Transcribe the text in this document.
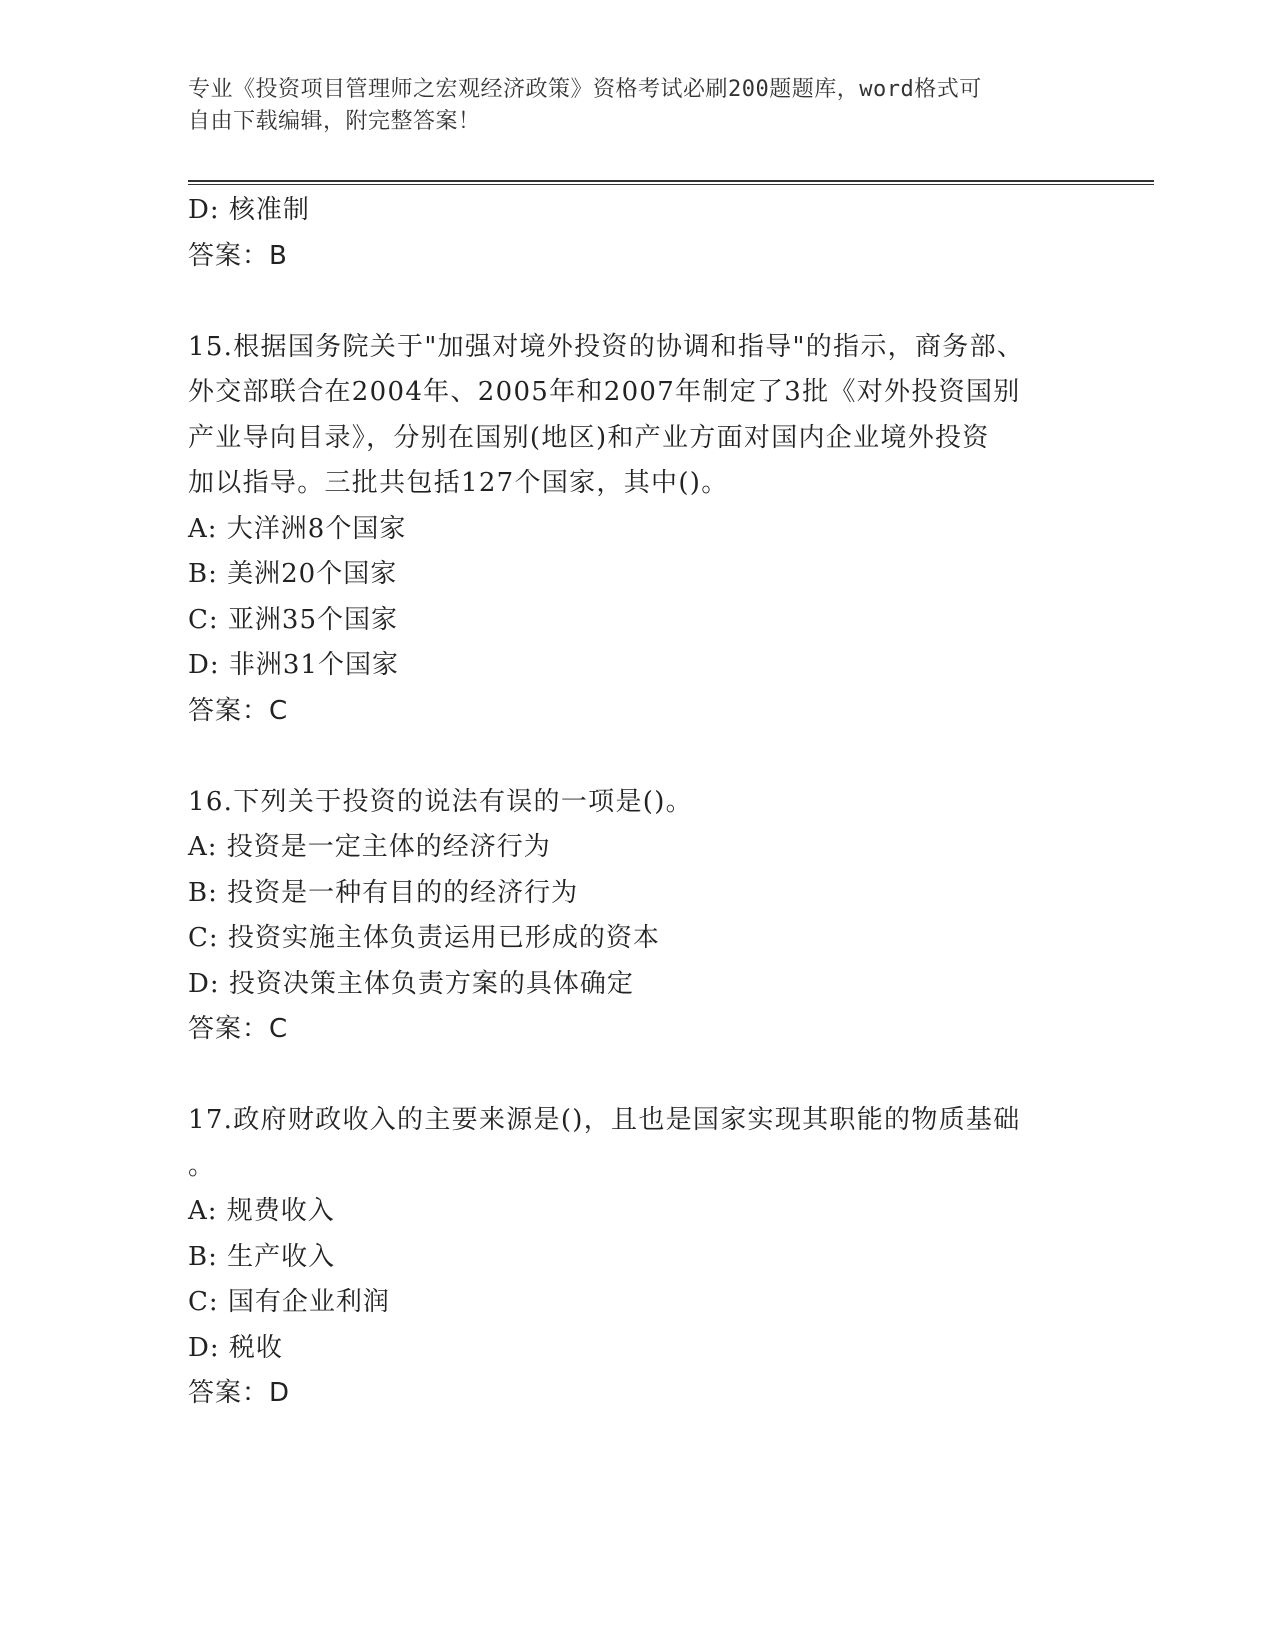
专业《投资项目管理师之宏观经济政策》资格考试必刷200题题库，word格式可
自由下载编辑，附完整答案！
D: 核准制
答案：B
15.根据国务院关于"加强对境外投资的协调和指导"的指示，商务部、
外交部联合在2004年、2005年和2007年制定了3批《对外投资国别
产业导向目录》，分别在国别(地区)和产业方面对国内企业境外投资
加以指导。三批共包括127个国家，其中()。
A: 大洋洲8个国家
B: 美洲20个国家
C: 亚洲35个国家
D: 非洲31个国家
答案：C
16.下列关于投资的说法有误的一项是()。
A: 投资是一定主体的经济行为
B: 投资是一种有目的的经济行为
C: 投资实施主体负责运用已形成的资本
D: 投资决策主体负责方案的具体确定
答案：C
17.政府财政收入的主要来源是()，且也是国家实现其职能的物质基础
。
A: 规费收入
B: 生产收入
C: 国有企业利润
D: 税收
答案：D
